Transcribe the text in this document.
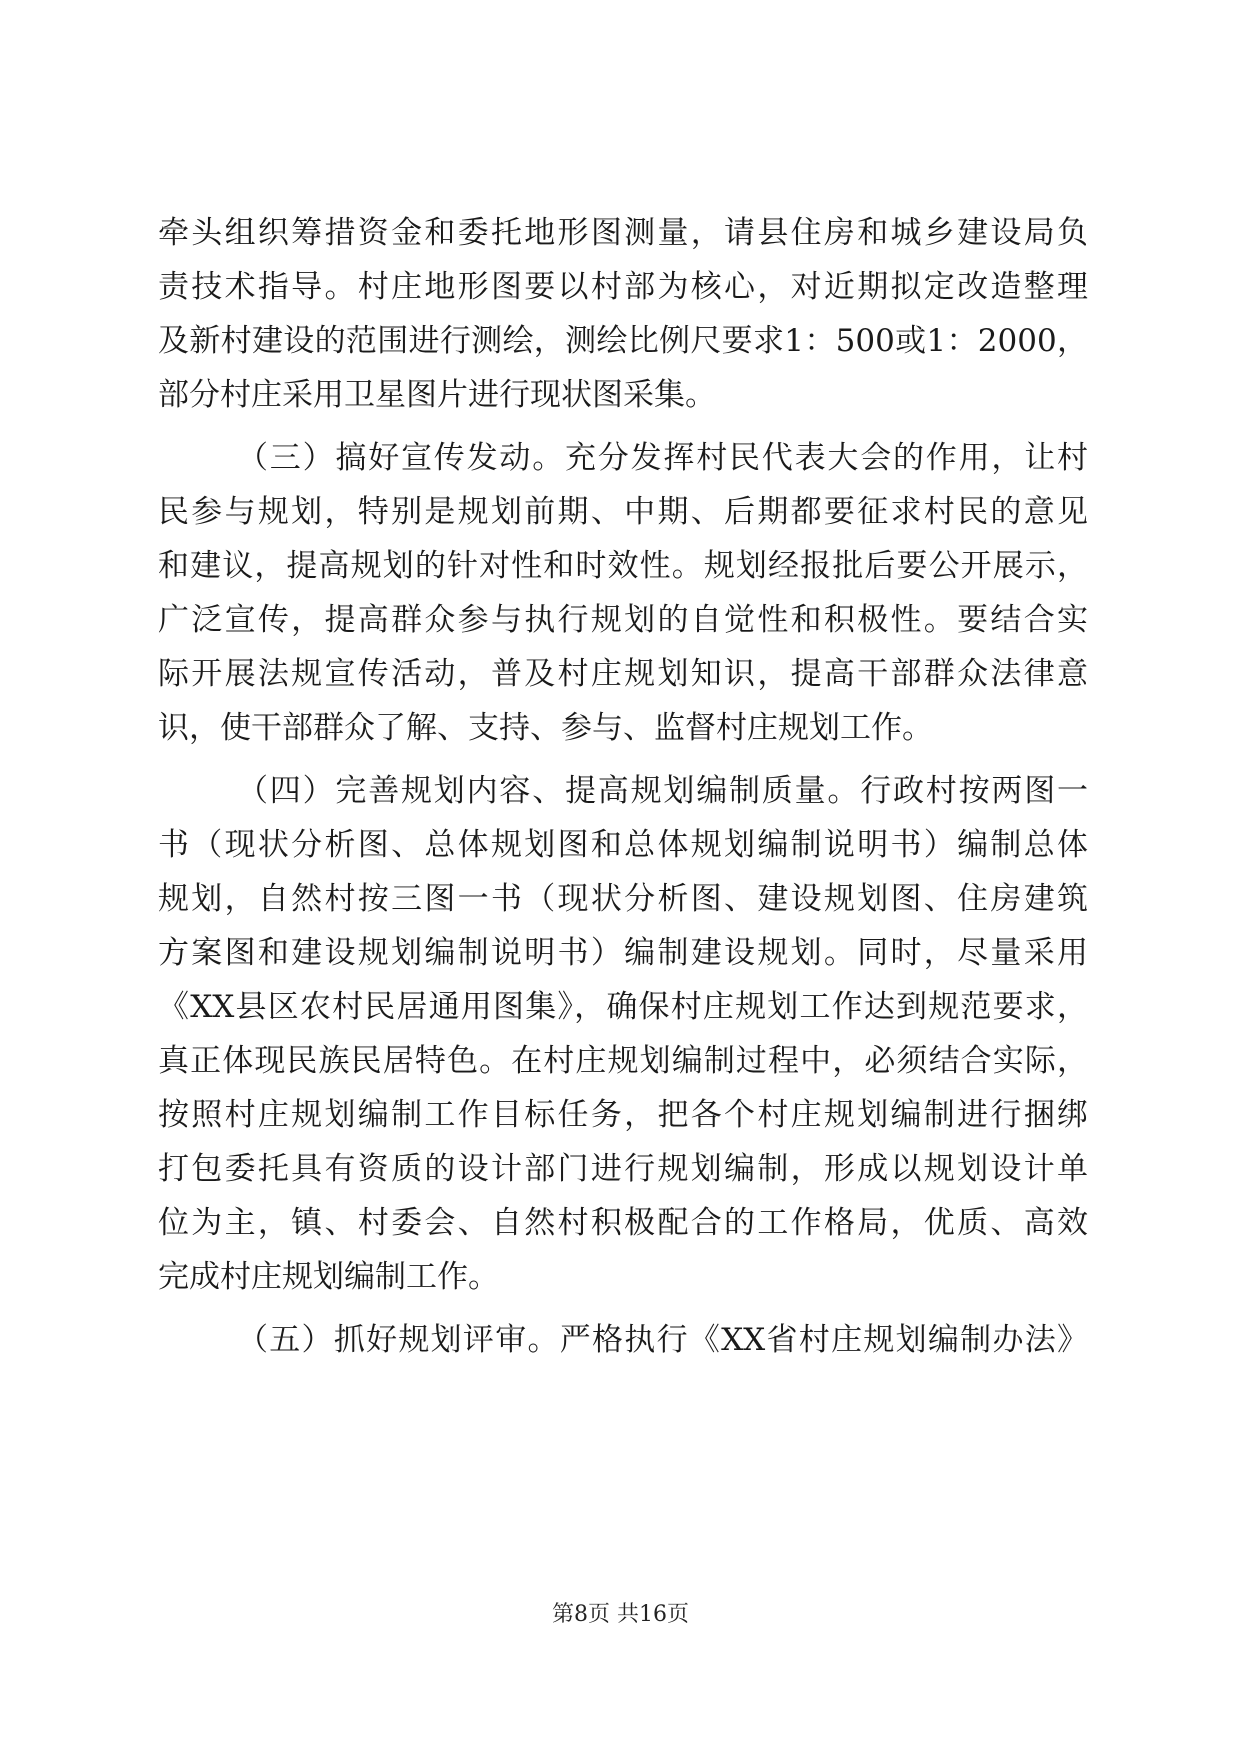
牵头组织筹措资金和委托地形图测量，请县住房和城乡建设局负
责技术指导。村庄地形图要以村部为核心，对近期拟定改造整理
及新村建设的范围进行测绘，测绘比例尺要求1：500或1：2000，
部分村庄采用卫星图片进行现状图采集。
（三）搞好宣传发动。充分发挥村民代表大会的作用，让村
民参与规划，特别是规划前期、中期、后期都要征求村民的意见
和建议，提高规划的针对性和时效性。规划经报批后要公开展示，
广泛宣传，提高群众参与执行规划的自觉性和积极性。要结合实
际开展法规宣传活动，普及村庄规划知识，提高干部群众法律意
识，使干部群众了解、支持、参与、监督村庄规划工作。
（四）完善规划内容、提高规划编制质量。行政村按两图一
书（现状分析图、总体规划图和总体规划编制说明书）编制总体
规划，自然村按三图一书（现状分析图、建设规划图、住房建筑
方案图和建设规划编制说明书）编制建设规划。同时，尽量采用
《XX县区农村民居通用图集》，确保村庄规划工作达到规范要求，
真正体现民族民居特色。在村庄规划编制过程中，必须结合实际，
按照村庄规划编制工作目标任务，把各个村庄规划编制进行捆绑
打包委托具有资质的设计部门进行规划编制，形成以规划设计单
位为主，镇、村委会、自然村积极配合的工作格局，优质、高效
完成村庄规划编制工作。
（五）抓好规划评审。严格执行《XX省村庄规划编制办法》
第8页 共16页
